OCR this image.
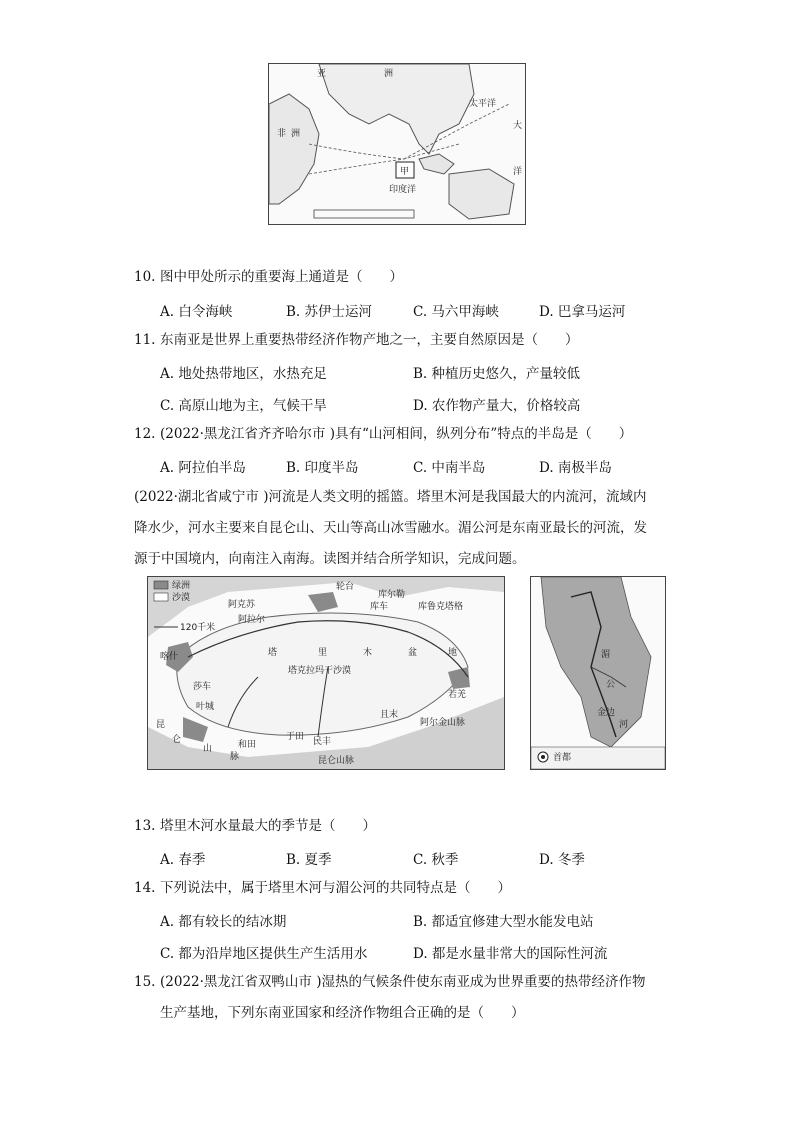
亚	洲
非 洲
太平洋
大
洋
甲
印度洋
10. 图中甲处所示的重要海上通道是（　　）
A. 白令海峡	B. 苏伊士运河	C. 马六甲海峡	D. 巴拿马运河
11. 东南亚是世界上重要热带经济作物产地之一，主要自然原因是（　　）
A. 地处热带地区，水热充足	B. 种植历史悠久，产量较低
C. 高原山地为主，气候干旱	D. 农作物产量大，价格较高
12. (2022·黑龙江省齐齐哈尔市 )具有“山河相间，纵列分布”特点的半岛是（　　）
A. 阿拉伯半岛	B. 印度半岛	C. 中南半岛	D. 南极半岛
(2022·湖北省咸宁市 )河流是人类文明的摇篮。塔里木河是我国最大的内流河，流域内
降水少，河水主要来自昆仑山、天山等高山冰雪融水。湄公河是东南亚最长的河流，发
源于中国境内，向南注入南海。读图并结合所学知识，完成问题。
绿洲
沙漠
120千米
阿克苏
阿拉尔
库尔勒
轮台
库车
塔	里	木	盆	地
塔克拉玛干沙漠
且末
若羌
阿尔金山脉
昆仑山脉
和田	民丰
于田
喀什
莎车
叶城
昆
仑
山
脉
库鲁克塔格
首都
湄
公
河
金边
13. 塔里木河水量最大的季节是（　　）
A. 春季	B. 夏季	C. 秋季	D. 冬季
14. 下列说法中，属于塔里木河与湄公河的共同特点是（　　）
A. 都有较长的结冰期	B. 都适宜修建大型水能发电站
C. 都为沿岸地区提供生产生活用水	D. 都是水量非常大的国际性河流
15. (2022·黑龙江省双鸭山市 )湿热的气候条件使东南亚成为世界重要的热带经济作物
生产基地，下列东南亚国家和经济作物组合正确的是（　　）
